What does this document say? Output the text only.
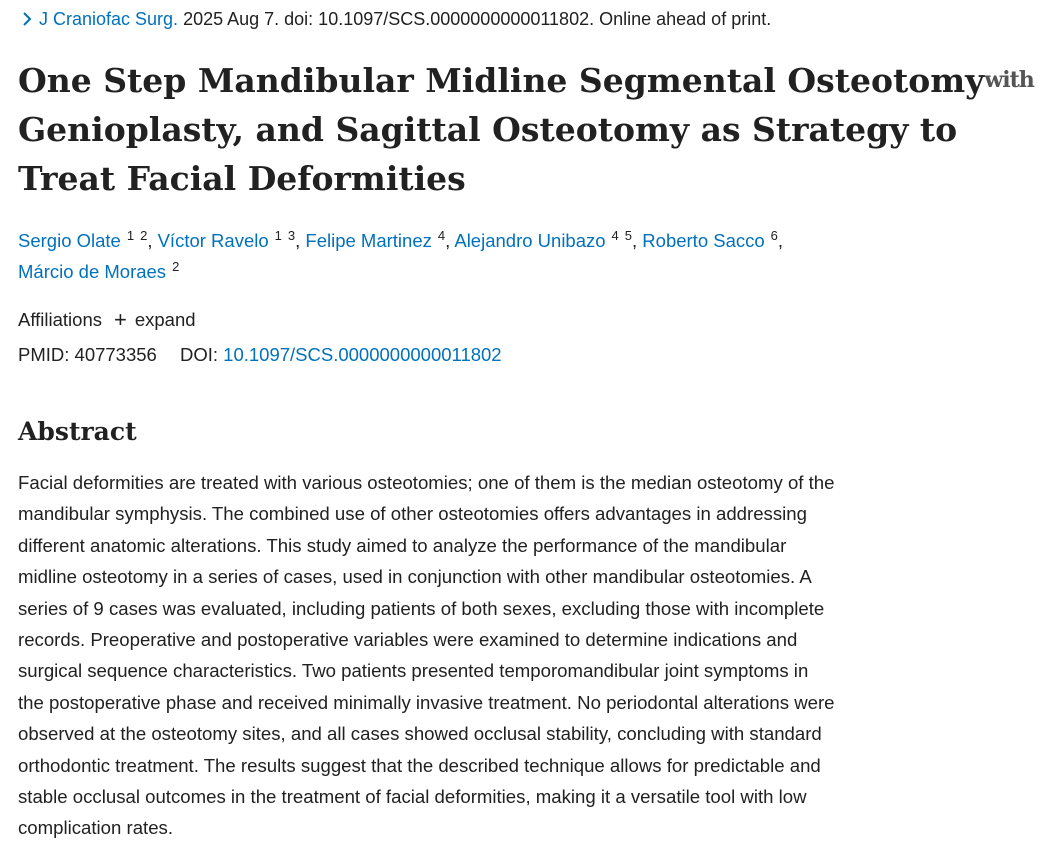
J Craniofac Surg. 2025 Aug 7. doi: 10.1097/SCS.0000000000011802. Online ahead of print.
One Step Mandibular Midline Segmental Osteotomywith
Genioplasty, and Sagittal Osteotomy as Strategy to
Treat Facial Deformities
Sergio Olate $^1$ $^2$, Víctor Ravelo $^1$ $^3$, Felipe Martinez $^4$, Alejandro Unibazo $^4$ $^5$, Roberto Sacco $^6$,
Márcio de Moraes $^2$
Affiliations + expand
PMID: 40773356 DOI: 10.1097/SCS.0000000000011802
Abstract

Facial deformities are treated with various osteotomies; one of them is the median osteotomy of the
mandibular symphysis. The combined use of other osteotomies offers advantages in addressing
different anatomic alterations. This study aimed to analyze the performance of the mandibular
midline osteotomy in a series of cases, used in conjunction with other mandibular osteotomies. A
series of 9 cases was evaluated, including patients of both sexes, excluding those with incomplete
records. Preoperative and postoperative variables were examined to determine indications and
surgical sequence characteristics. Two patients presented temporomandibular joint symptoms in
the postoperative phase and received minimally invasive treatment. No periodontal alterations were
observed at the osteotomy sites, and all cases showed occlusal stability, concluding with standard
orthodontic treatment. The results suggest that the described technique allows for predictable and
stable occlusal outcomes in the treatment of facial deformities, making it a versatile tool with low
complication rates.
